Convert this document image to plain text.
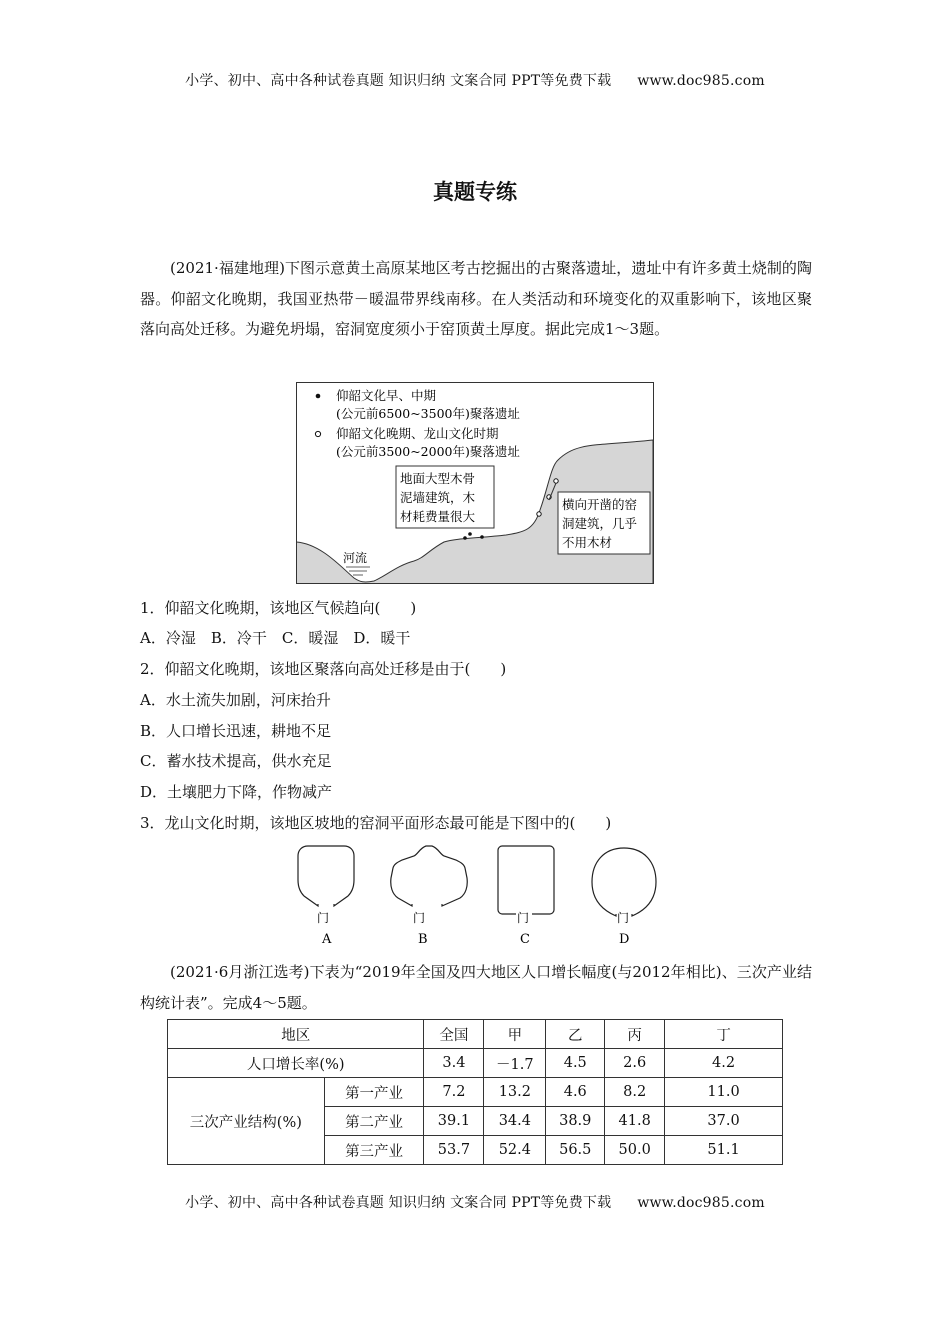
小学、初中、高中各种试卷真题 知识归纳 文案合同 PPT等免费下载 www.doc985.com
真题专练
(2021·福建地理)下图示意黄土高原某地区考古挖掘出的古聚落遗址，遗址中有许多黄土烧制的陶器。仰韶文化晚期，我国亚热带－暖温带界线南移。在人类活动和环境变化的双重影响下，该地区聚落向高处迁移。为避免坍塌，窑洞宽度须小于窑顶黄土厚度。据此完成1～3题。
河流
仰韶文化早、中期
(公元前6500~3500年)聚落遗址
仰韶文化晚期、龙山文化时期
(公元前3500~2000年)聚落遗址
地面大型木骨
泥墙建筑，木
材耗费量很大
横向开凿的窑
洞建筑，几乎
不用木材
1．仰韶文化晚期，该地区气候趋向(　　)
A．冷湿　B．冷干　C．暖湿　D．暖干
2．仰韶文化晚期，该地区聚落向高处迁移是由于(　　)
A．水土流失加剧，河床抬升
B．人口增长迅速，耕地不足
C．蓄水技术提高，供水充足
D．土壤肥力下降，作物减产
3．龙山文化时期，该地区坡地的窑洞平面形态最可能是下图中的(　　)
门	门	门	门
A	B	C	D
(2021·6月浙江选考)下表为“2019年全国及四大地区人口增长幅度(与2012年相比)、三次产业结构统计表”。完成4～5题。
地区		全国	甲	乙	丙	丁
人口增长率(%)		3.4	－1.7	4.5	2.6	4.2
三次产业结构(%)	第一产业	7.2	13.2	4.6	8.2	11.0
	第二产业	39.1	34.4	38.9	41.8	37.0
	第三产业	53.7	52.4	56.5	50.0	51.1
小学、初中、高中各种试卷真题 知识归纳 文案合同 PPT等免费下载 www.doc985.com
